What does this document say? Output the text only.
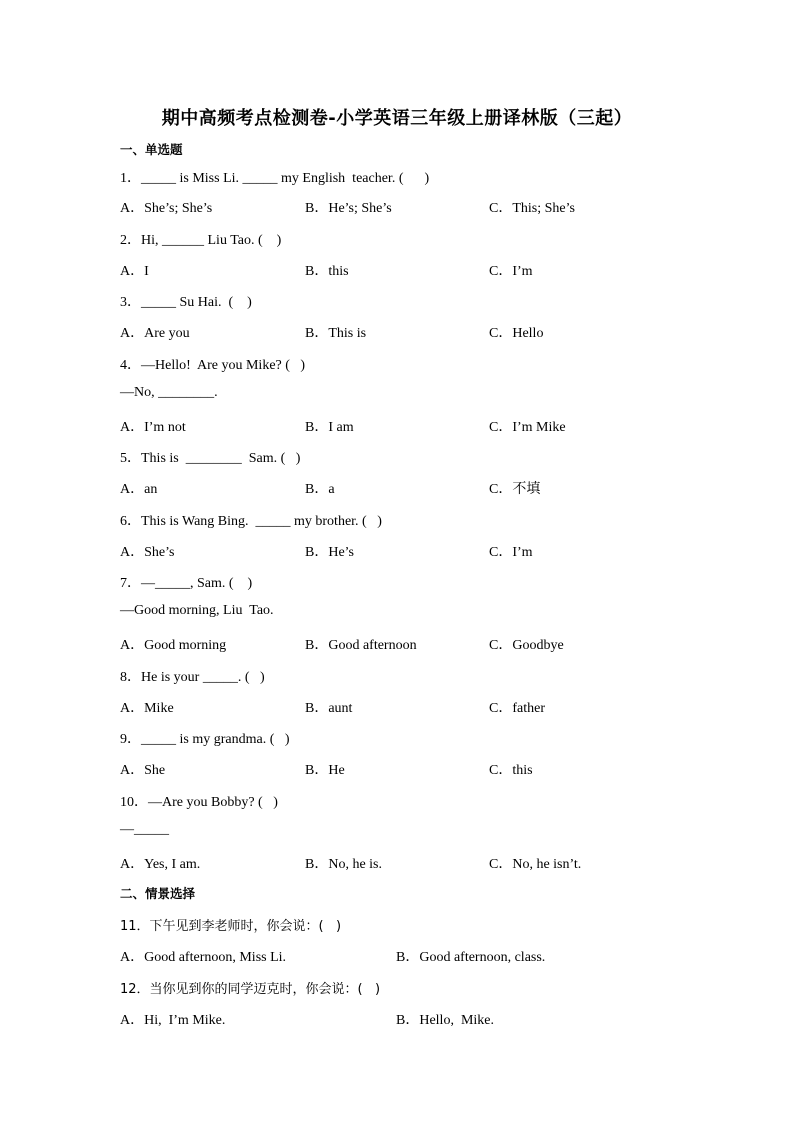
期中高频考点检测卷-小学英语三年级上册译林版（三起）
一、单选题
1．_____ is Miss Li. _____ my English  teacher. (      )
A．She’s; She’s	B．He’s; She’s	C．This; She’s
2．Hi, ______ Liu Tao. (    )
A．I	B．this	C．I’m
3．_____ Su Hai.  (    )
A．Are you	B．This is	C．Hello
4．—Hello!  Are you Mike? (   )
—No, ________.
A．I’m not	B．I am	C．I’m Mike
5．This is  ________  Sam. (   )
A．an	B．a	C．不填
6．This is Wang Bing.  _____ my brother. (   )
A．She’s	B．He’s	C．I’m
7．—_____, Sam. (    )
—Good morning, Liu  Tao.
A．Good morning	B．Good afternoon	C．Goodbye
8．He is your _____. (   )
A．Mike	B．aunt	C．father
9．_____ is my grandma. (   )
A．She	B．He	C．this
10．—Are you Bobby? (   )
—_____
A．Yes, I am.	B．No, he is.	C．No, he isn’t.
二、情景选择
11．下午见到李老师时，你会说：(   )
A．Good afternoon, Miss Li.	B．Good afternoon, class.
12．当你见到你的同学迈克时，你会说：(   )
A．Hi,  I’m Mike.	B．Hello,  Mike.
